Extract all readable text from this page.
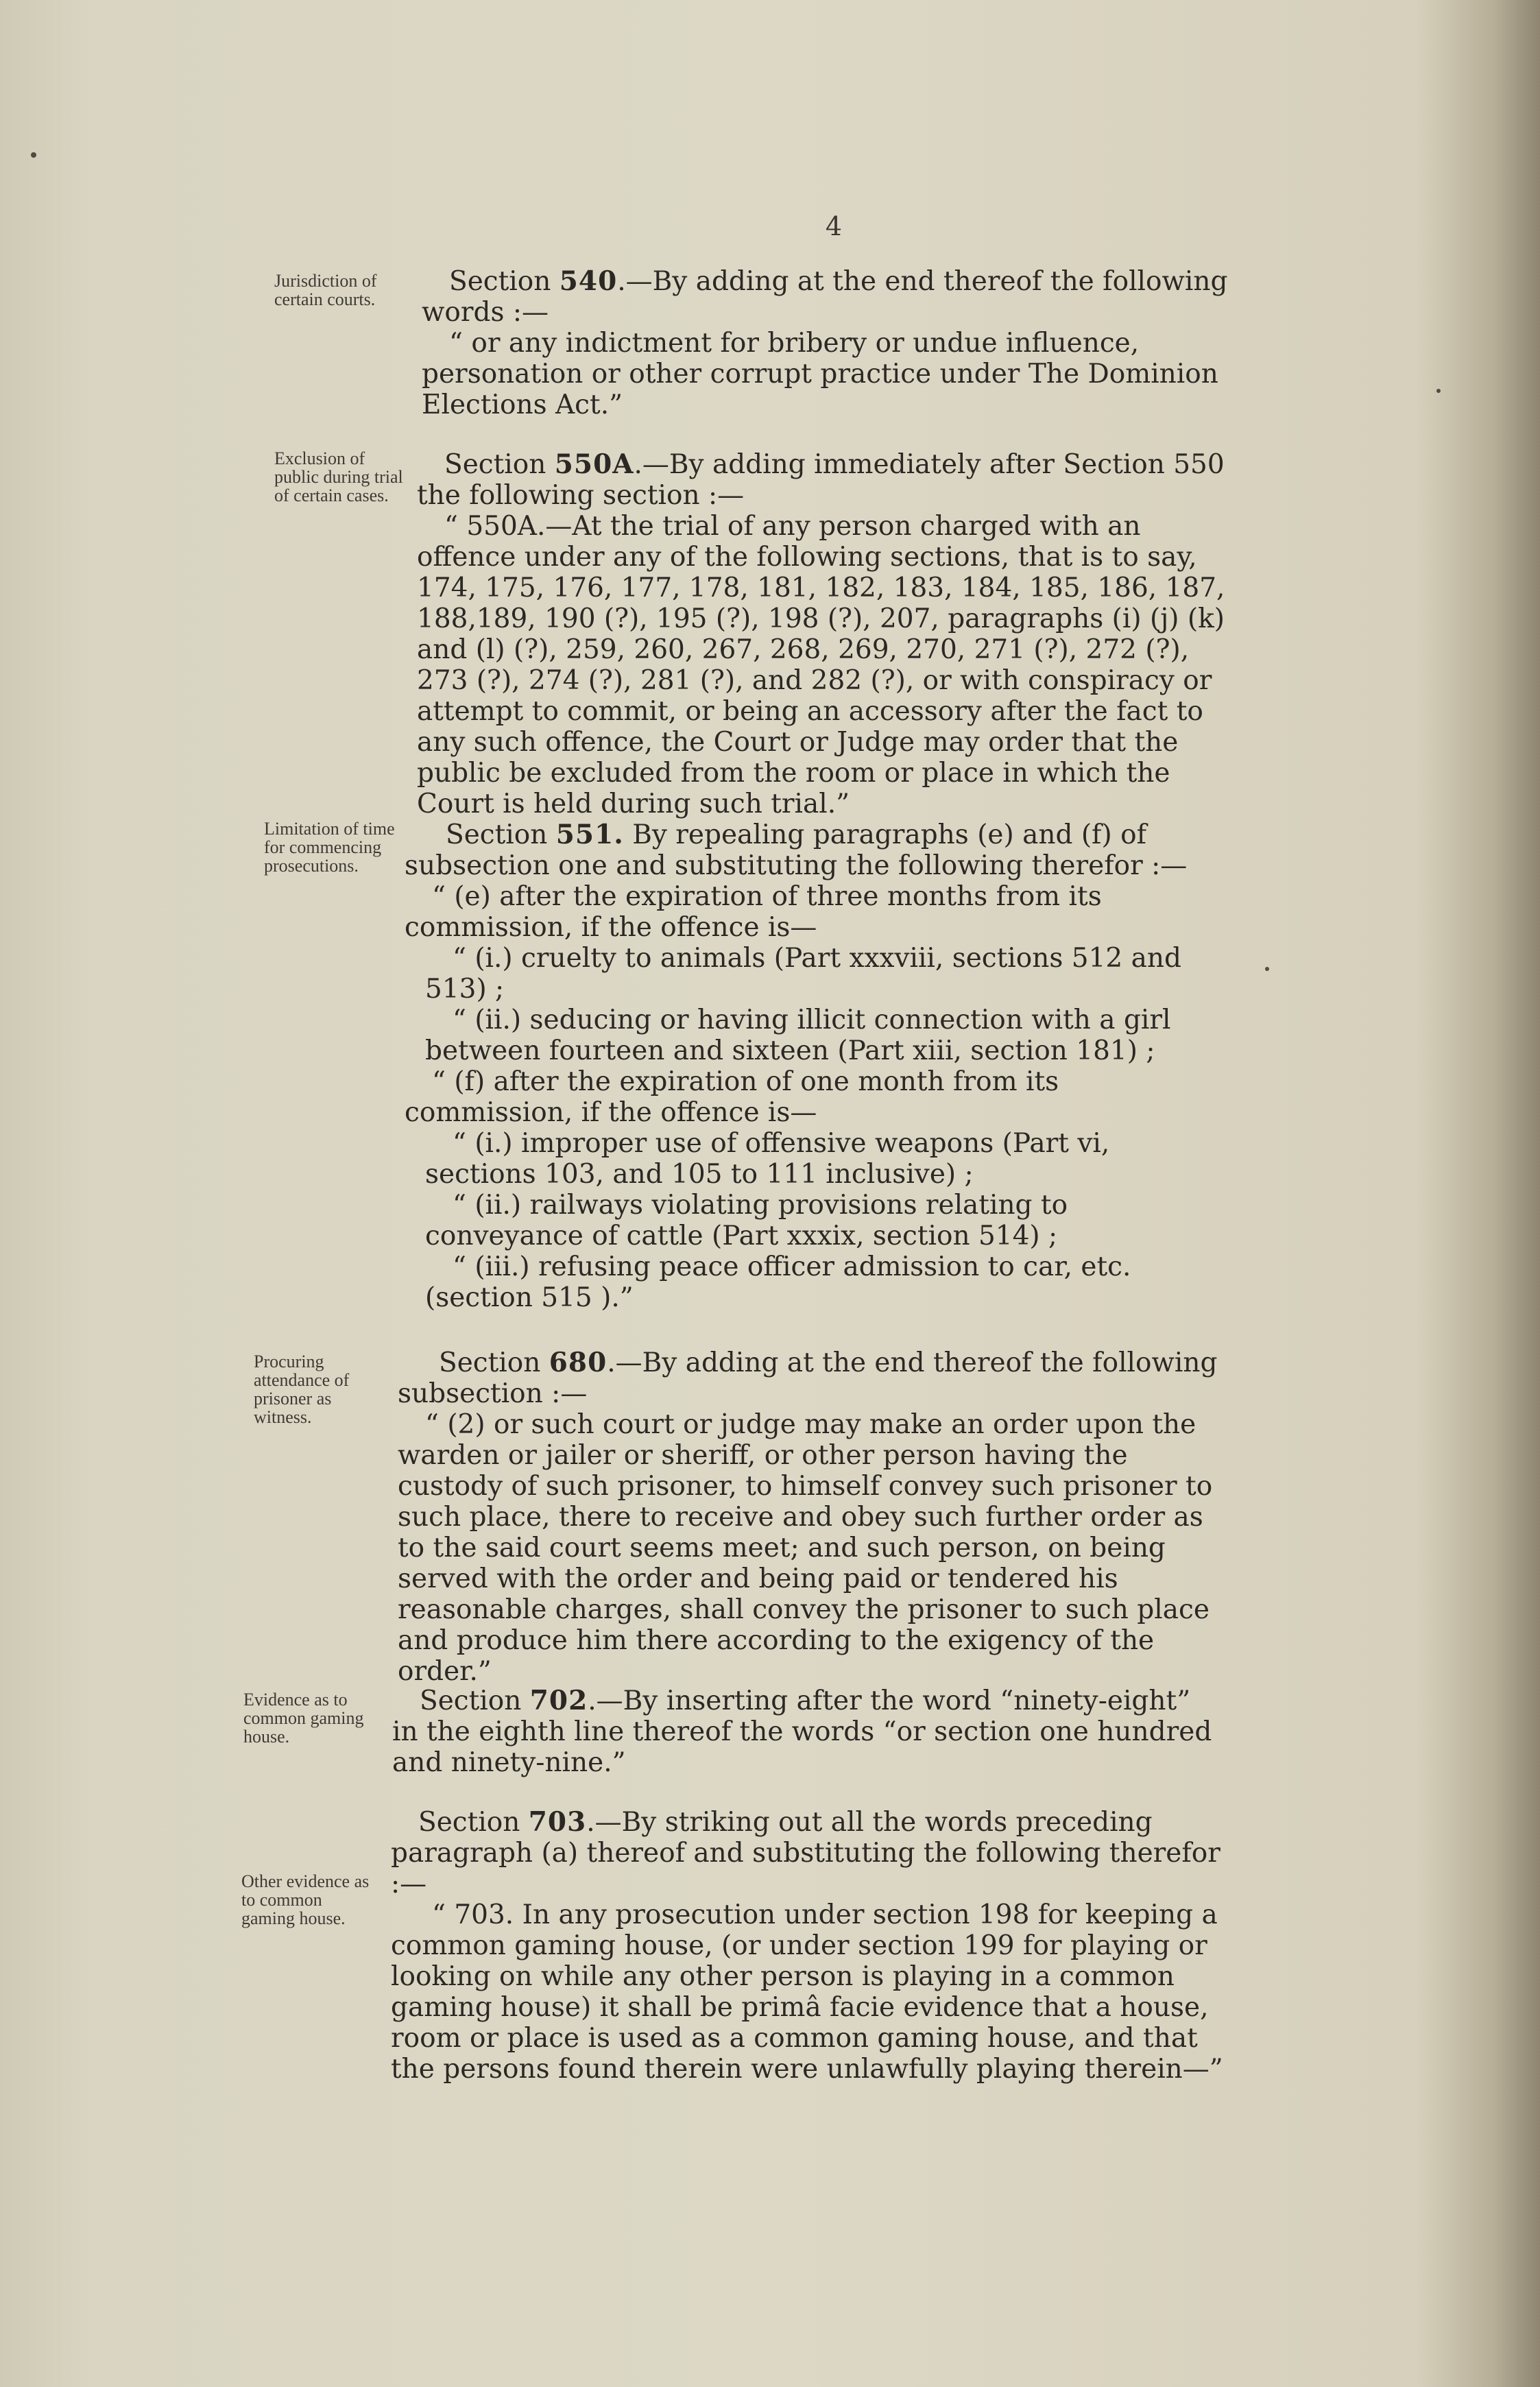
4
Jurisdiction of certain courts.

Section 540.—By adding at the end thereof the following words :—

“ or any indictment for bribery or undue influence, personation or other corrupt practice under The Dominion Elections Act.”

Exclusion of public during trial of certain cases.

Section 550A.—By adding immediately after Section 550 the following section :—

“ 550A.—At the trial of any person charged with an offence under any of the following sections, that is to say, 174, 175, 176, 177, 178, 181, 182, 183, 184, 185, 186, 187, 188,189, 190 (?), 195 (?), 198 (?), 207, paragraphs (i) (j) (k) and (l) (?), 259, 260, 267, 268, 269, 270, 271 (?), 272 (?), 273 (?), 274 (?), 281 (?), and 282 (?), or with conspiracy or attempt to commit, or being an accessory after the fact to any such offence, the Court or Judge may order that the public be excluded from the room or place in which the Court is held during such trial.”

Limitation of time for commencing prosecutions.

Section 551. By repealing paragraphs (e) and (f) of subsection one and substituting the following therefor :—

“ (e) after the expiration of three months from its commission, if the offence is—

“ (i.) cruelty to animals (Part xxxviii, sections 512 and 513) ;

“ (ii.) seducing or having illicit connection with a girl between fourteen and sixteen (Part xiii, section 181) ;

“ (f) after the expiration of one month from its commission, if the offence is—

“ (i.) improper use of offensive weapons (Part vi, sections 103, and 105 to 111 inclusive) ;

“ (ii.) railways violating provisions relating to conveyance of cattle (Part xxxix, section 514) ;

“ (iii.) refusing peace officer admission to car, etc. (section 515 ).”

Procuring attendance of prisoner as witness.

Section 680.—By adding at the end thereof the following subsection :—

“ (2) or such court or judge may make an order upon the warden or jailer or sheriff, or other person having the custody of such prisoner, to himself convey such prisoner to such place, there to receive and obey such further order as to the said court seems meet; and such person, on being served with the order and being paid or tendered his reasonable charges, shall convey the prisoner to such place and produce him there according to the exigency of the order.”

Evidence as to common gaming house.

Section 702.—By inserting after the word “ninety-eight” in the eighth line thereof the words “or section one hundred and ninety-nine.”

Other evidence as to common gaming house.

Section 703.—By striking out all the words preceding paragraph (a) thereof and substituting the following therefor :—

“ 703. In any prosecution under section 198 for keeping a common gaming house, (or under section 199 for playing or looking on while any other person is playing in a common gaming house) it shall be primâ facie evidence that a house, room or place is used as a common gaming house, and that the persons found therein were unlawfully playing therein—”
